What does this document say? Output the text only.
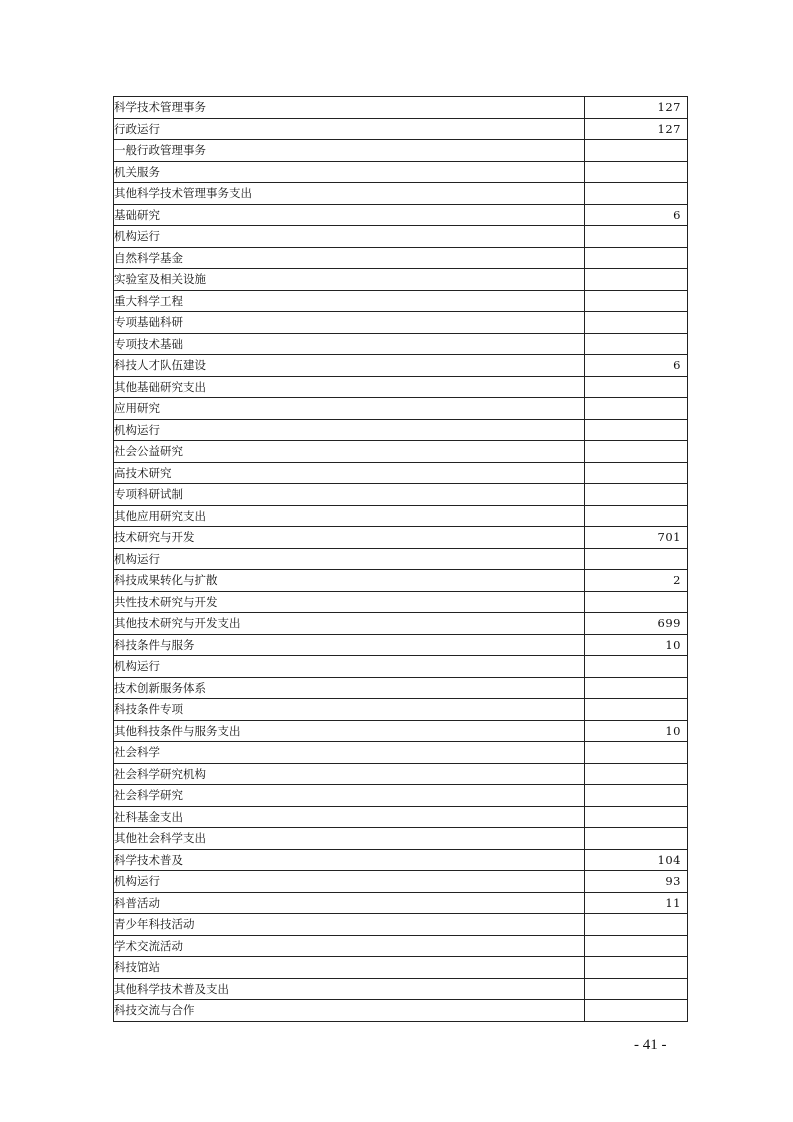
科学技术管理事务	127
行政运行	127
一般行政管理事务	
机关服务	
其他科学技术管理事务支出	
基础研究	6
机构运行	
自然科学基金	
实验室及相关设施	
重大科学工程	
专项基础科研	
专项技术基础	
科技人才队伍建设	6
其他基础研究支出	
应用研究	
机构运行	
社会公益研究	
高技术研究	
专项科研试制	
其他应用研究支出	
技术研究与开发	701
机构运行	
科技成果转化与扩散	2
共性技术研究与开发	
其他技术研究与开发支出	699
科技条件与服务	10
机构运行	
技术创新服务体系	
科技条件专项	
其他科技条件与服务支出	10
社会科学	
社会科学研究机构	
社会科学研究	
社科基金支出	
其他社会科学支出	
科学技术普及	104
机构运行	93
科普活动	11
青少年科技活动	
学术交流活动	
科技馆站	
其他科学技术普及支出	
科技交流与合作	
- 41 -
